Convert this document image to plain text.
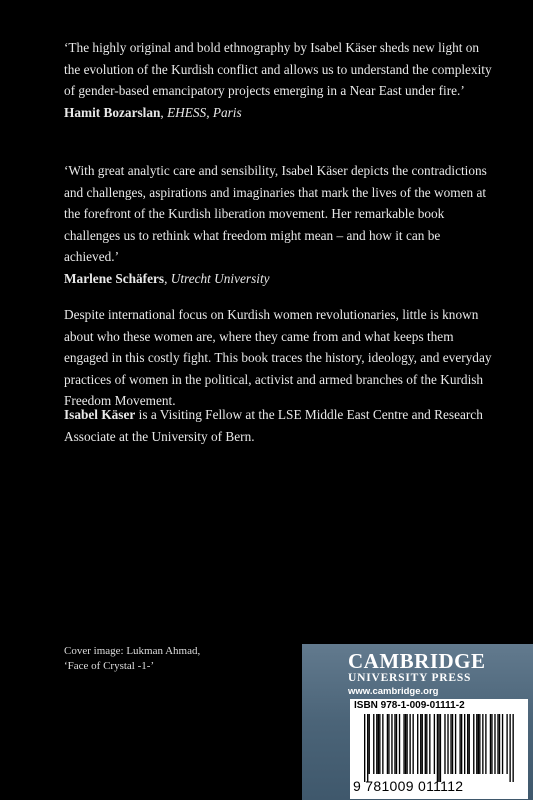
‘The highly original and bold ethnography by Isabel Käser sheds new light on the evolution of the Kurdish conflict and allows us to understand the complexity of gender-based emancipatory projects emerging in a Near East under fire.’

Hamit Bozarslan, EHESS, Paris

‘With great analytic care and sensibility, Isabel Käser depicts the contradictions and challenges, aspirations and imaginaries that mark the lives of the women at the forefront of the Kurdish liberation movement. Her remarkable book challenges us to rethink what freedom might mean – and how it can be achieved.’

Marlene Schäfers, Utrecht University

Despite international focus on Kurdish women revolutionaries, little is known about who these women are, where they came from and what keeps them engaged in this costly fight. This book traces the history, ideology, and everyday practices of women in the political, activist and armed branches of the Kurdish Freedom Movement.

Isabel Käser is a Visiting Fellow at the LSE Middle East Centre and Research Associate at the University of Bern.

Cover image: Lukman Ahmad,
‘Face of Crystal -1-’	CAMBRIDGE
UNIVERSITY PRESS
www.cambridge.org
ISBN 978-1-009-01111-2
9 781009 011112
